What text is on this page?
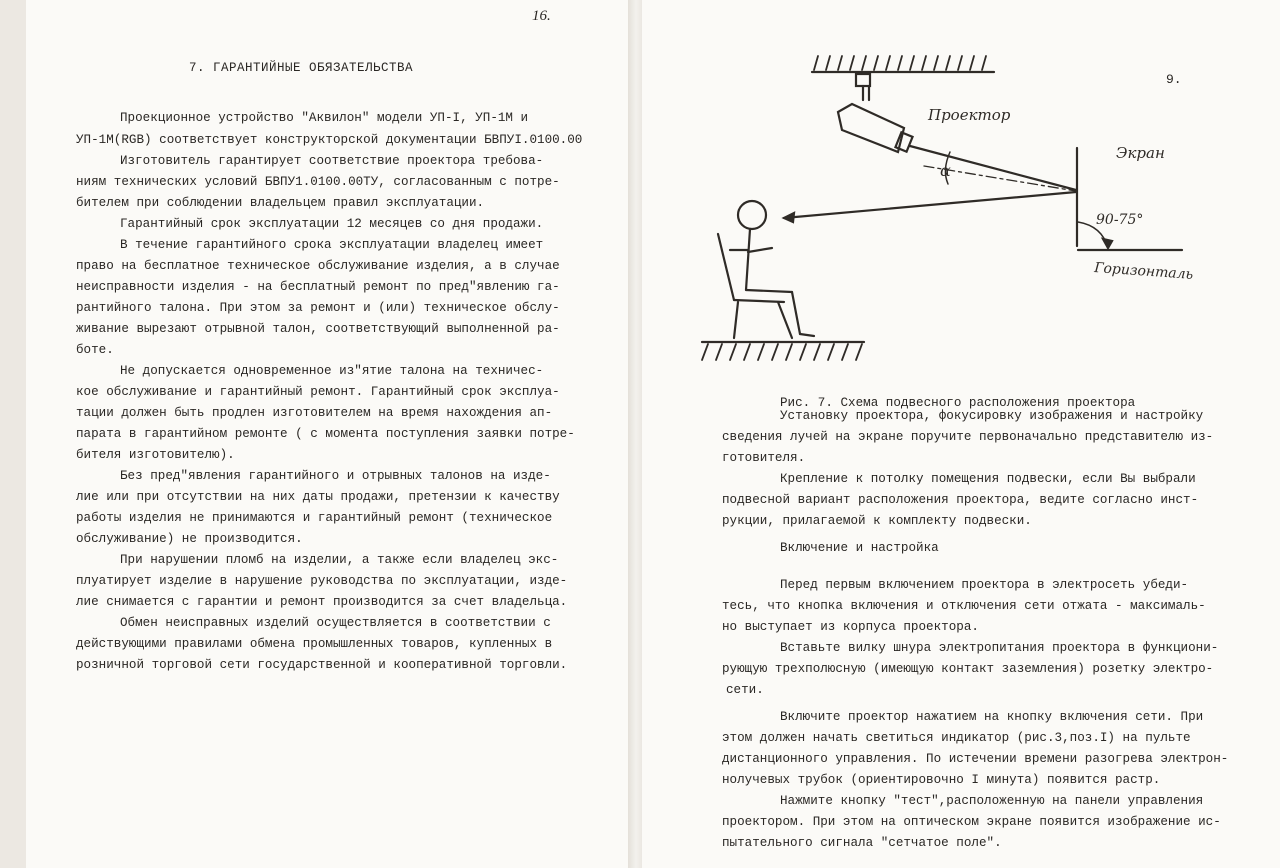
16.
7. ГАРАНТИЙНЫЕ ОБЯЗАТЕЛЬСТВА
Проекционное устройство "Аквилон" модели УП-I, УП-1М и
УП-1М(RGB) соответствует конструкторской документации БВПУI.0100.00
Изготовитель гарантирует соответствие проектора требова-
ниям технических условий БВПУ1.0100.00ТУ, согласованным с потре-
бителем при соблюдении владельцем правил эксплуатации.
Гарантийный срок эксплуатации 12 месяцев со дня продажи.
В течение гарантийного срока эксплуатации владелец имеет
право на бесплатное техническое обслуживание изделия, а в случае
неисправности изделия - на бесплатный ремонт по пред"явлению га-
рантийного талона. При этом за ремонт и (или) техническое обслу-
живание вырезают отрывной талон, соответствующий выполненной ра-
боте.
Не допускается одновременное из"ятие талона на техничес-
кое обслуживание и гарантийный ремонт. Гарантийный срок эксплуа-
тации должен быть продлен изготовителем на время нахождения ап-
парата в гарантийном ремонте ( с момента поступления заявки потре-
бителя изготовителю).
Без пред"явления гарантийного и отрывных талонов на изде-
лие или при отсутствии на них даты продажи, претензии к качеству
работы изделия не принимаются и гарантийный ремонт (техническое
обслуживание) не производится.
При нарушении пломб на изделии, а также если владелец экс-
плуатирует изделие в нарушение руководства по эксплуатации, изде-
лие снимается с гарантии и ремонт производится за счет владельца.
Обмен неисправных изделий осуществляется в соответствии с
действующими правилами обмена промышленных товаров, купленных в
розничной торговой сети государственной и кооперативной торговли.
9.
Проектор
Экран
α
90-75°
Горизонталь
Рис. 7. Схема подвесного расположения проектора
Установку проектора, фокусировку изображения и настройку
сведения лучей на экране поручите первоначально представителю из-
готовителя.
Крепление к потолку помещения подвески, если Вы выбрали
подвесной вариант расположения проектора, ведите согласно инст-
рукции, прилагаемой к комплекту подвески.
Включение и настройка
Перед первым включением проектора в электросеть убеди-
тесь, что кнопка включения и отключения сети отжата - максималь-
но выступает из корпуса проектора.
Вставьте вилку шнура электропитания проектора в функциони-
рующую трехполюсную (имеющую контакт заземления) розетку электро-
сети.
Включите проектор нажатием на кнопку включения сети. При
этом должен начать светиться индикатор (рис.3,поз.I) на пульте
дистанционного управления. По истечении времени разогрева электрон-
нолучевых трубок (ориентировочно I минута) появится растр.
Нажмите кнопку "тест",расположенную на панели управления
проектором. При этом на оптическом экране появится изображение ис-
пытательного сигнала "сетчатое поле".
